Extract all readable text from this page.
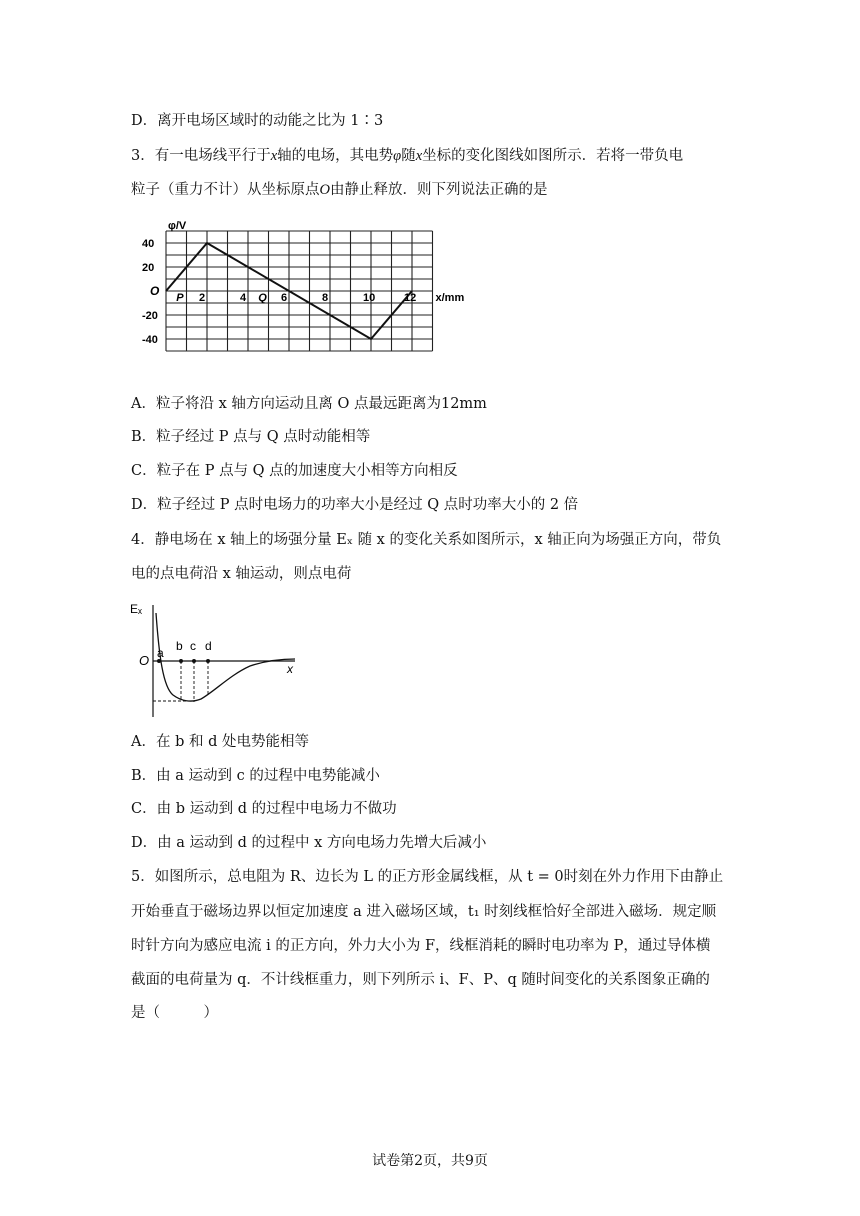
D．离开电场区域时的动能之比为 1∶3
3．有一电场线平行于x轴的电场，其电势φ随x坐标的变化图线如图所示．若将一带负电
粒子（重力不计）从坐标原点O由静止释放．则下列说法正确的是
40
20
-20
-40
2	4	6	8	10	12
φ/V
x/mm
O P	Q
A．粒子将沿 x 轴方向运动且离 O 点最远距离为12mm
B．粒子经过 P 点与 Q 点时动能相等
C．粒子在 P 点与 Q 点的加速度大小相等方向相反
D．粒子经过 P 点时电场力的功率大小是经过 Q 点时功率大小的 2 倍
4．静电场在 x 轴上的场强分量 Eₓ 随 x 的变化关系如图所示，x 轴正向为场强正方向，带负
电的点电荷沿 x 轴运动，则点电荷
Eₓ
x
O a b c d
A．在 b 和 d 处电势能相等
B．由 a 运动到 c 的过程中电势能减小
C．由 b 运动到 d 的过程中电场力不做功
D．由 a 运动到 d 的过程中 x 方向电场力先增大后减小
5．如图所示，总电阻为 R、边长为 L 的正方形金属线框，从 t = 0时刻在外力作用下由静止
开始垂直于磁场边界以恒定加速度 a 进入磁场区域，t₁ 时刻线框恰好全部进入磁场．规定顺
时针方向为感应电流 i 的正方向，外力大小为 F，线框消耗的瞬时电功率为 P，通过导体横
截面的电荷量为 q．不计线框重力，则下列所示 i、F、P、q 随时间变化的关系图象正确的
是（　　　）
试卷第2页，共9页
